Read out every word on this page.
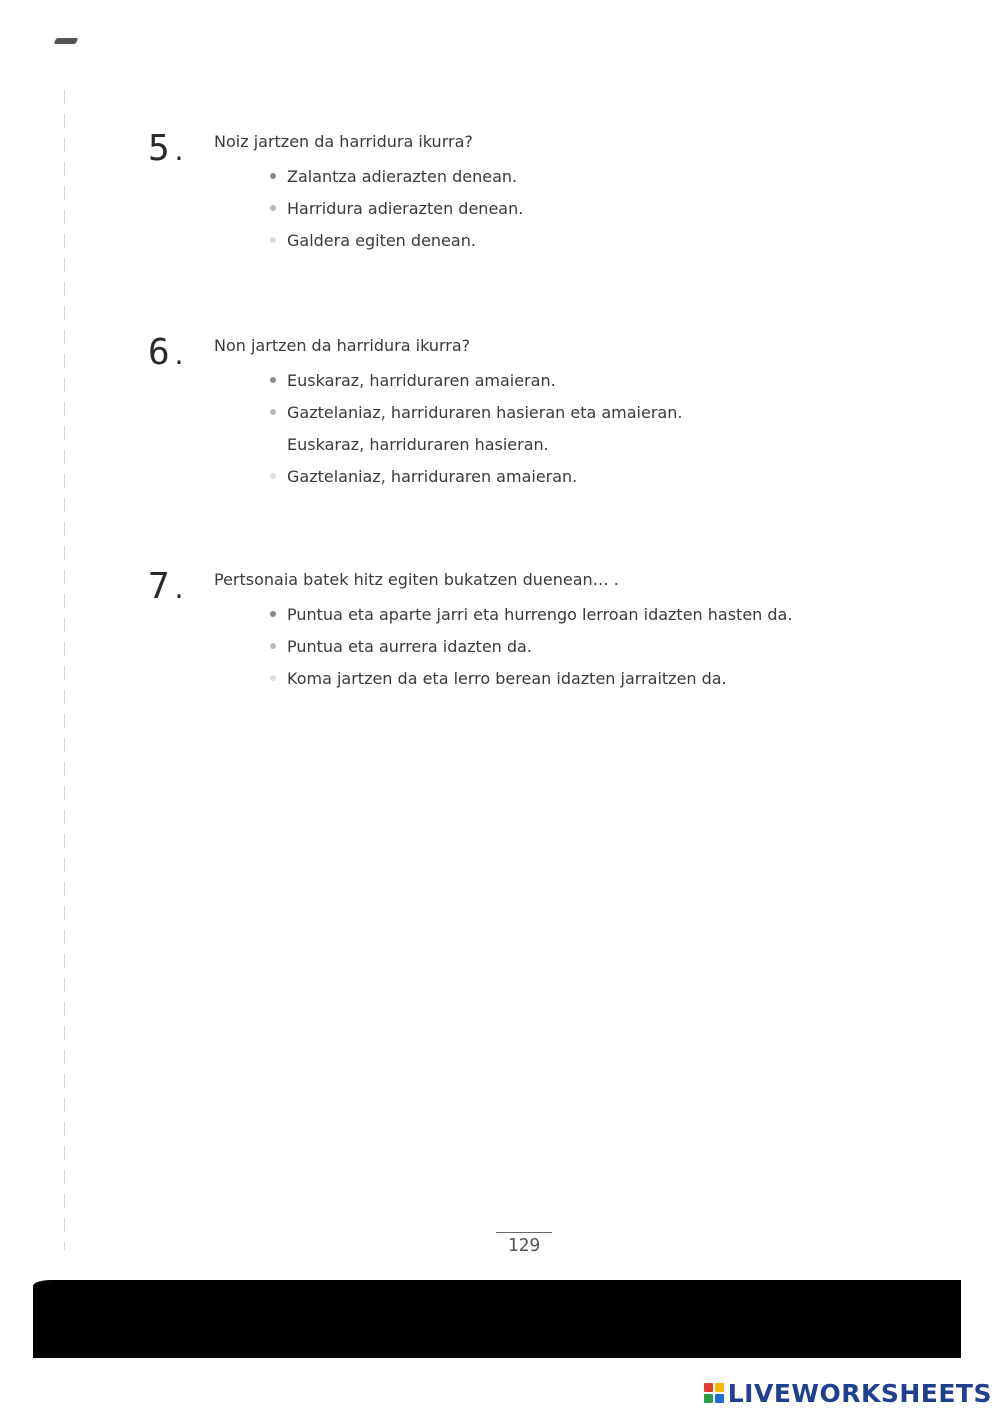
5.	Noiz jartzen da harridura ikurra?
Zalantza adierazten denean.
Harridura adierazten denean.
Galdera egiten denean.
6.	Non jartzen da harridura ikurra?
Euskaraz, harriduraren amaieran.
Gaztelaniaz, harriduraren hasieran eta amaieran.
Euskaraz, harriduraren hasieran.
Gaztelaniaz, harriduraren amaieran.
7.	Pertsonaia batek hitz egiten bukatzen duenean… .
Puntua eta aparte jarri eta hurrengo lerroan idazten hasten da.
Puntua eta aurrera idazten da.
Koma jartzen da eta lerro berean idazten jarraitzen da.
129
LIVEWORKSHEETS
